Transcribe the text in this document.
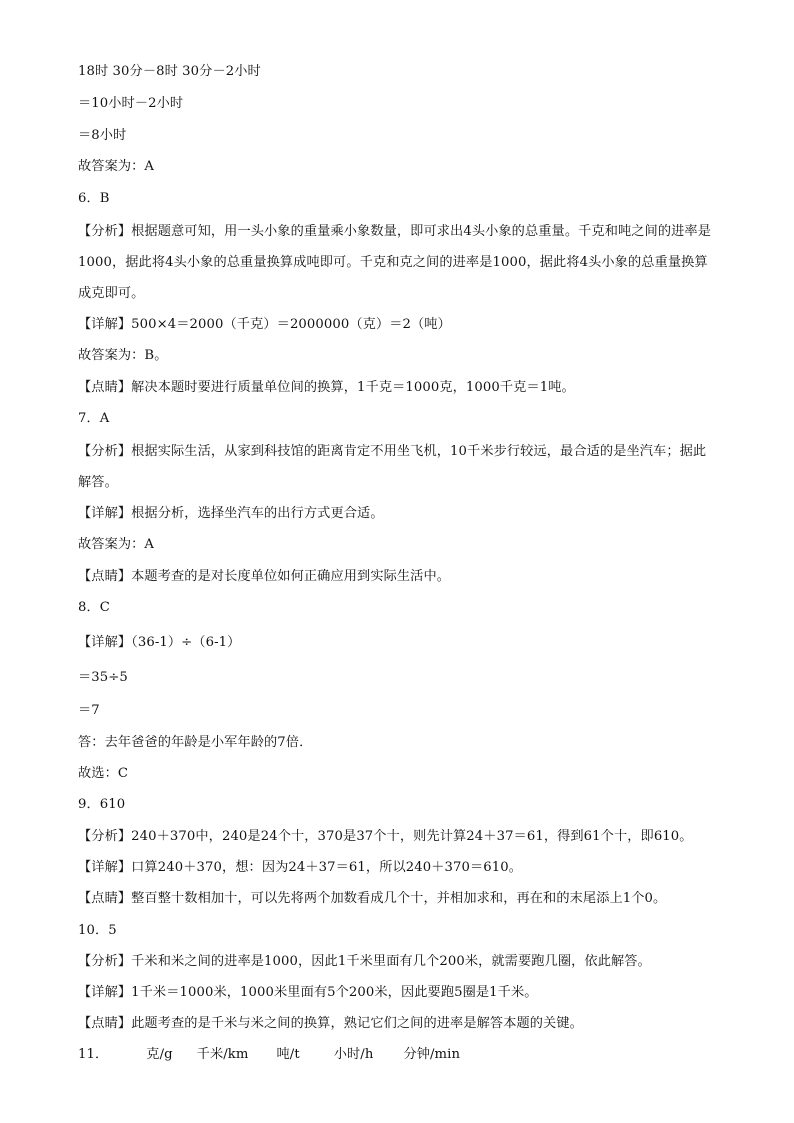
18时 30分－8时 30分－2小时
＝10小时－2小时
＝8小时
故答案为：A
6．B
【分析】根据题意可知，用一头小象的重量乘小象数量，即可求出4头小象的总重量。千克和吨之间的进率是1000，据此将4头小象的总重量换算成吨即可。千克和克之间的进率是1000，据此将4头小象的总重量换算成克即可。
【详解】500×4＝2000（千克）＝2000000（克）＝2（吨）
故答案为：B。
【点睛】解决本题时要进行质量单位间的换算，1千克＝1000克，1000千克＝1吨。
7．A
【分析】根据实际生活，从家到科技馆的距离肯定不用坐飞机，10千米步行较远，最合适的是坐汽车；据此解答。
【详解】根据分析，选择坐汽车的出行方式更合适。
故答案为：A
【点睛】本题考查的是对长度单位如何正确应用到实际生活中。
8．C
【详解】（36-1）÷（6-1）
＝35÷5
＝7
答：去年爸爸的年龄是小军年龄的7倍．
故选：C
9．610
【分析】240＋370中，240是24个十，370是37个十，则先计算24＋37＝61，得到61个十，即610。
【详解】口算240＋370，想：因为24＋37＝61，所以240＋370＝610。
【点睛】整百整十数相加十，可以先将两个加数看成几个十，并相加求和，再在和的末尾添上1个0。
10．5
【分析】千米和米之间的进率是1000，因此1千米里面有几个200米，就需要跑几圈，依此解答。
【详解】1千米＝1000米，1000米里面有5个200米，因此要跑5圈是1千米。
【点睛】此题考查的是千米与米之间的换算，熟记它们之间的进率是解答本题的关键。
11．	克/g 千米/km 吨/t	小时/h 分钟/min
